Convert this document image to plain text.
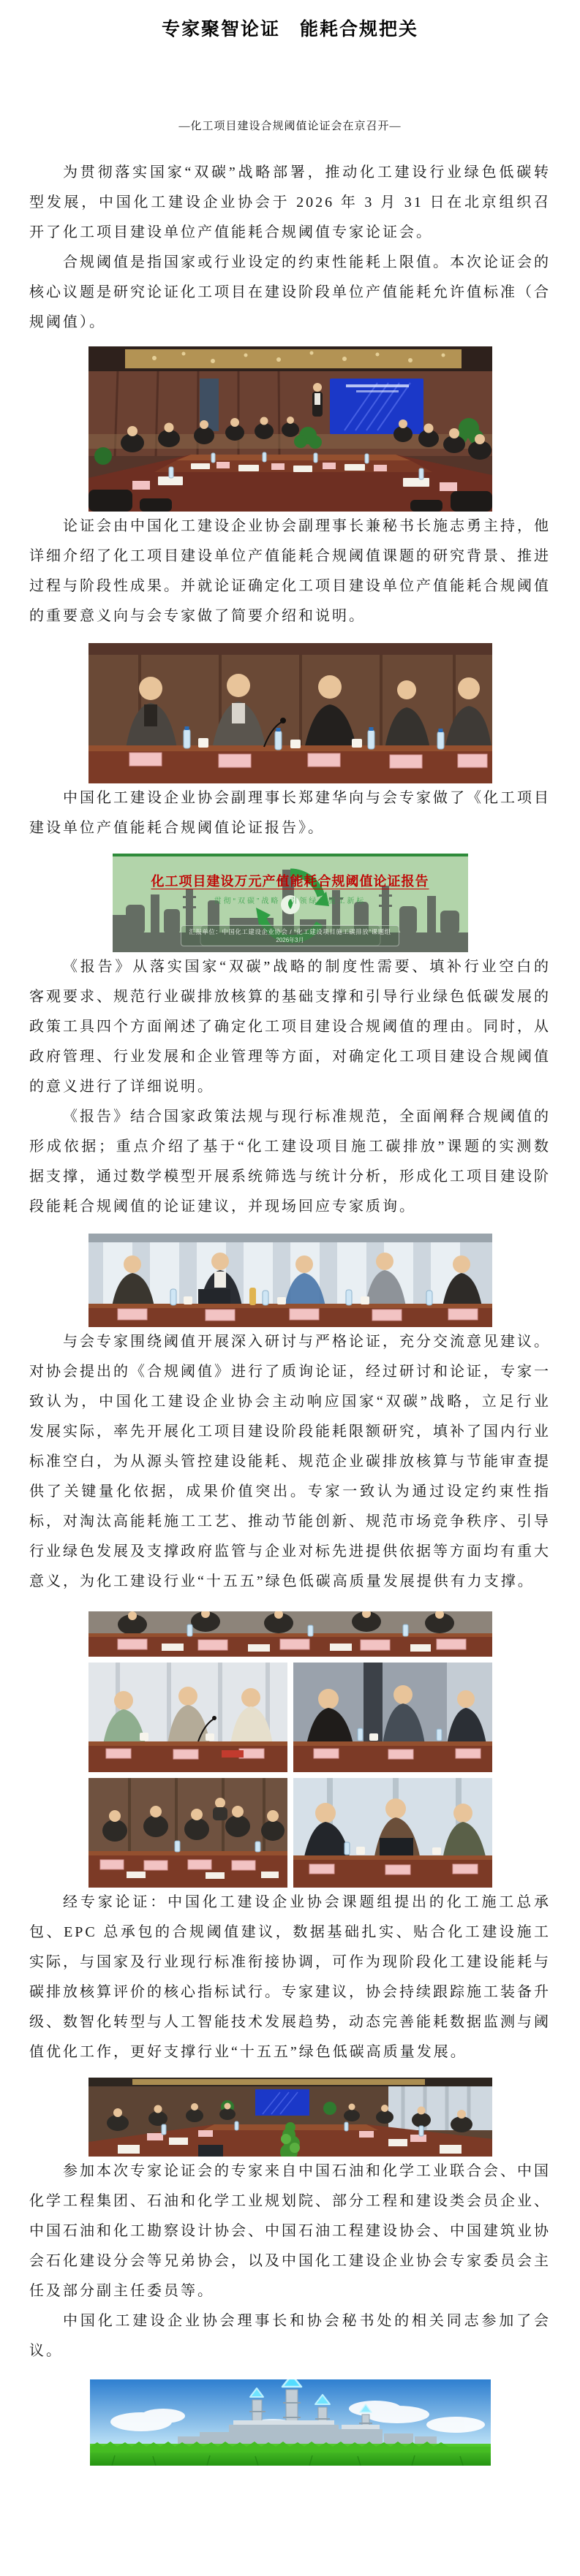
专家聚智论证　能耗合规把关
—化工项目建设合规阈值论证会在京召开—

为贯彻落实国家“双碳”战略部署，推动化工建设行业绿色低碳转型发展，中国化工建设企业协会于 2026 年 3 月 31 日在北京组织召开了化工项目建设单位产值能耗合规阈值专家论证会。

合规阈值是指国家或行业设定的约束性能耗上限值。本次论证会的核心议题是研究论证化工项目在建设阶段单位产值能耗允许值标准（合规阈值）。

论证会由中国化工建设企业协会副理事长兼秘书长施志勇主持，他详细介绍了化工项目建设单位产值能耗合规阈值课题的研究背景、推进过程与阶段性成果。并就论证确定化工项目建设单位产值能耗合规阈值的重要意义向与会专家做了简要介绍和说明。

中国化工建设企业协会副理事长郑建华向与会专家做了《化工项目建设单位产值能耗合规阈值论证报告》。

化工项目建设万元产值能耗合规阈值论证报告
贯彻“双碳”战略　引领绿色施工新标
汇报单位：中国化工建设企业协会 / “化工建设项目施工碳排放”课题组
2026年3月

《报告》从落实国家“双碳”战略的制度性需要、填补行业空白的客观要求、规范行业碳排放核算的基础支撑和引导行业绿色低碳发展的政策工具四个方面阐述了确定化工项目建设合规阈值的理由。同时，从政府管理、行业发展和企业管理等方面，对确定化工项目建设合规阈值的意义进行了详细说明。

《报告》结合国家政策法规与现行标准规范，全面阐释合规阈值的形成依据；重点介绍了基于“化工建设项目施工碳排放”课题的实测数据支撑，通过数学模型开展系统筛选与统计分析，形成化工项目建设阶段能耗合规阈值的论证建议，并现场回应专家质询。

与会专家围绕阈值开展深入研讨与严格论证，充分交流意见建议。对协会提出的《合规阈值》进行了质询论证，经过研讨和论证，专家一致认为，中国化工建设企业协会主动响应国家“双碳”战略，立足行业发展实际，率先开展化工项目建设阶段能耗限额研究，填补了国内行业标准空白，为从源头管控建设能耗、规范企业碳排放核算与节能审查提供了关键量化依据，成果价值突出。专家一致认为通过设定约束性指标，对淘汰高能耗施工工艺、推动节能创新、规范市场竞争秩序、引导行业绿色发展及支撑政府监管与企业对标先进提供依据等方面均有重大意义，为化工建设行业“十五五”绿色低碳高质量发展提供有力支撑。

经专家论证：中国化工建设企业协会课题组提出的化工施工总承包、EPC 总承包的合规阈值建议，数据基础扎实、贴合化工建设施工实际，与国家及行业现行标准衔接协调，可作为现阶段化工建设能耗与碳排放核算评价的核心指标试行。专家建议，协会持续跟踪施工装备升级、数智化转型与人工智能技术发展趋势，动态完善能耗数据监测与阈值优化工作，更好支撑行业“十五五”绿色低碳高质量发展。

参加本次专家论证会的专家来自中国石油和化学工业联合会、中国化学工程集团、石油和化学工业规划院、部分工程和建设类会员企业、中国石油和化工勘察设计协会、中国石油工程建设协会、中国建筑业协会石化建设分会等兄弟协会，以及中国化工建设企业协会专家委员会主任及部分副主任委员等。

中国化工建设企业协会理事长和协会秘书处的相关同志参加了会议。
